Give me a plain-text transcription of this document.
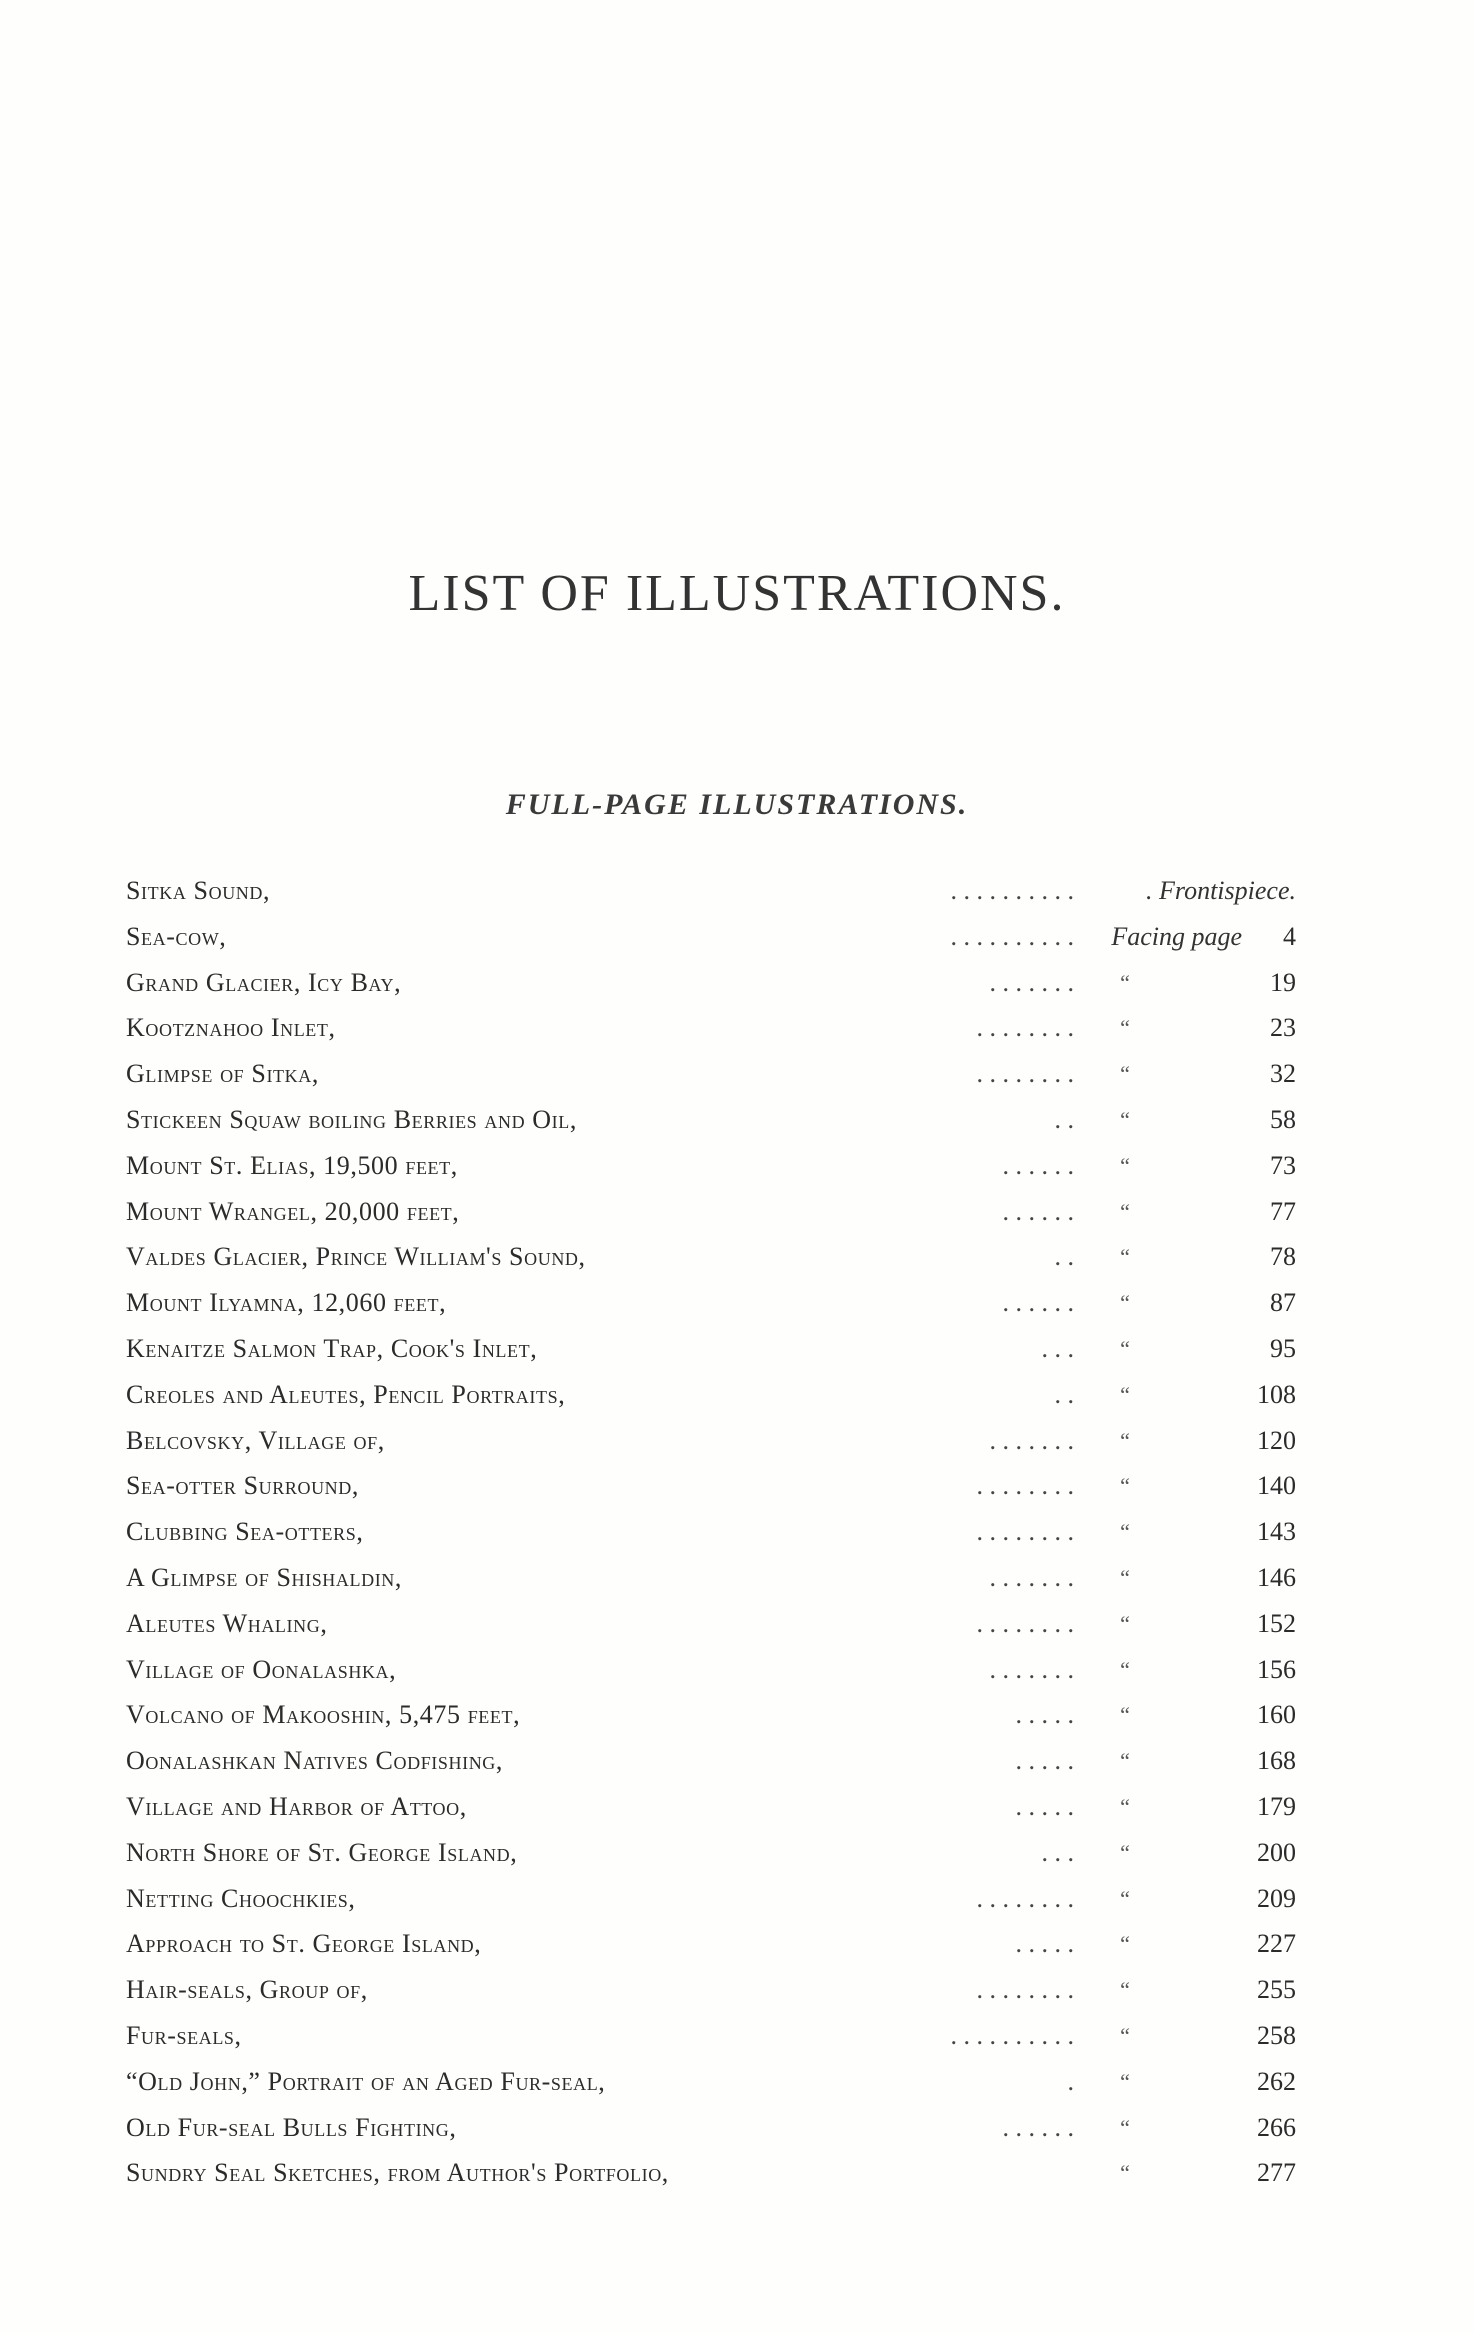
LIST OF ILLUSTRATIONS.
FULL-PAGE ILLUSTRATIONS.
Sitka Sound,	. . . . . . . . . .	. Frontispiece.
Sea-cow,	. . . . . . . . . . Facing page 4
Grand Glacier, Icy Bay,	. . . . . . .	“	19
Kootznahoo Inlet,	. . . . . . . .	“	23
Glimpse of Sitka,	. . . . . . . .	“	32
Stickeen Squaw boiling Berries and Oil,	. .	“	58
Mount St. Elias, 19,500 feet,	. . . . . .	“	73
Mount Wrangel, 20,000 feet,	. . . . . .	“	77
Valdes Glacier, Prince William's Sound,	. .	“	78
Mount Ilyamna, 12,060 feet,	. . . . . .	“	87
Kenaitze Salmon Trap, Cook's Inlet,	. . .	“	95
Creoles and Aleutes, Pencil Portraits,	. .	“	108
Belcovsky, Village of,	. . . . . . .	“	120
Sea-otter Surround,	. . . . . . . .	“	140
Clubbing Sea-otters,	. . . . . . . .	“	143
A Glimpse of Shishaldin,	. . . . . . .	“	146
Aleutes Whaling,	. . . . . . . .	“	152
Village of Oonalashka,	. . . . . . .	“	156
Volcano of Makooshin, 5,475 feet,	. . . . .	“	160
Oonalashkan Natives Codfishing,	. . . . .	“	168
Village and Harbor of Attoo,	. . . . .	“	179
North Shore of St. George Island,	. . .	“	200
Netting Choochkies,	. . . . . . . .	“	209
Approach to St. George Island,	. . . . .	“	227
Hair-seals, Group of,	. . . . . . . .	“	255
Fur-seals,	. . . . . . . . . .	“	258
“Old John,” Portrait of an Aged Fur-seal,	.	“	262
Old Fur-seal Bulls Fighting,	. . . . . .	“	266
Sundry Seal Sketches, from Author's Portfolio,	“	277
